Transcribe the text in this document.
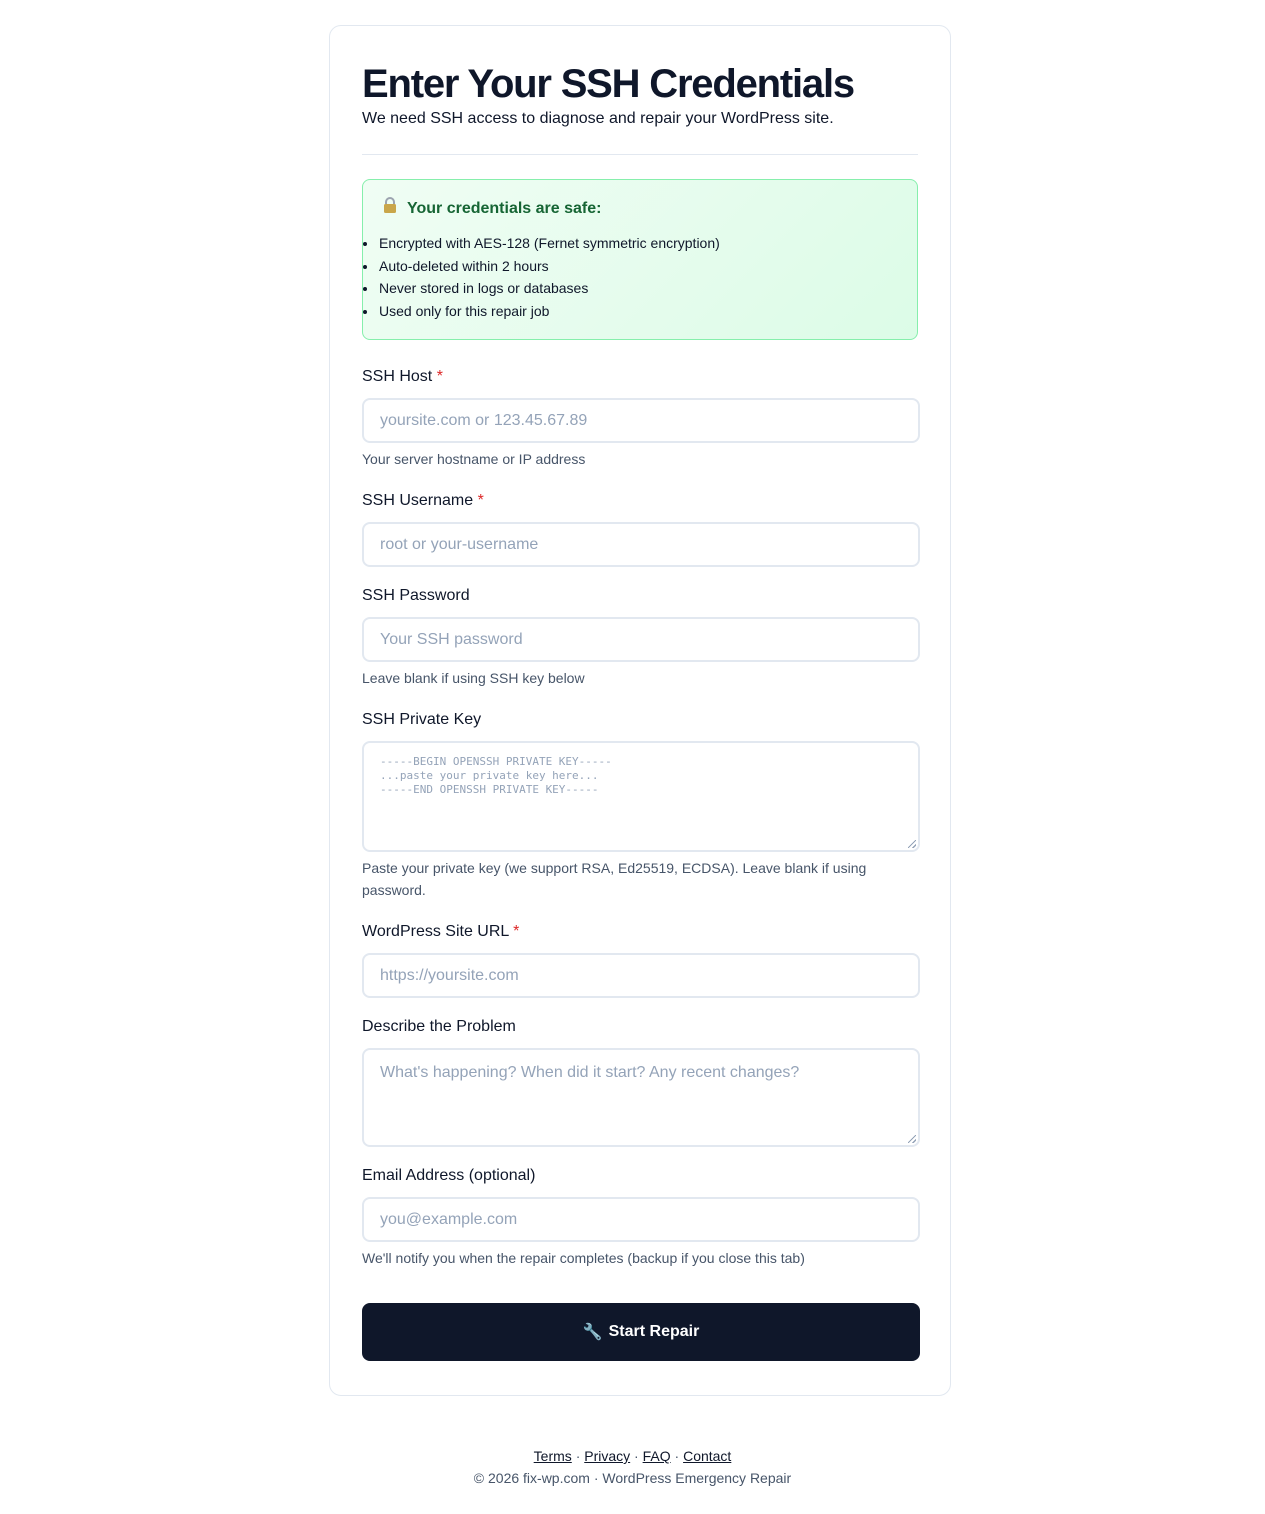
Enter Your SSH Credentials

We need SSH access to diagnose and repair your WordPress site.

Your credentials are safe:
Encrypted with AES-128 (Fernet symmetric encryption)
Auto-deleted within 2 hours
Never stored in logs or databases
Used only for this repair job
SSH Host *
yoursite.com or 123.45.67.89
Your server hostname or IP address
SSH Username *
root or your-username
SSH Password
Your SSH password
Leave blank if using SSH key below
SSH Private Key
-----BEGIN OPENSSH PRIVATE KEY-----
...paste your private key here...
-----END OPENSSH PRIVATE KEY-----
Paste your private key (we support RSA, Ed25519, ECDSA). Leave blank if using password.
WordPress Site URL *
https://yoursite.com
Describe the Problem
What's happening? When did it start? Any recent changes?
Email Address (optional)
you@example.com
We'll notify you when the repair completes (backup if you close this tab)
🔧 Start Repair
Terms · Privacy · FAQ · Contact
© 2026 fix-wp.com · WordPress Emergency Repair
